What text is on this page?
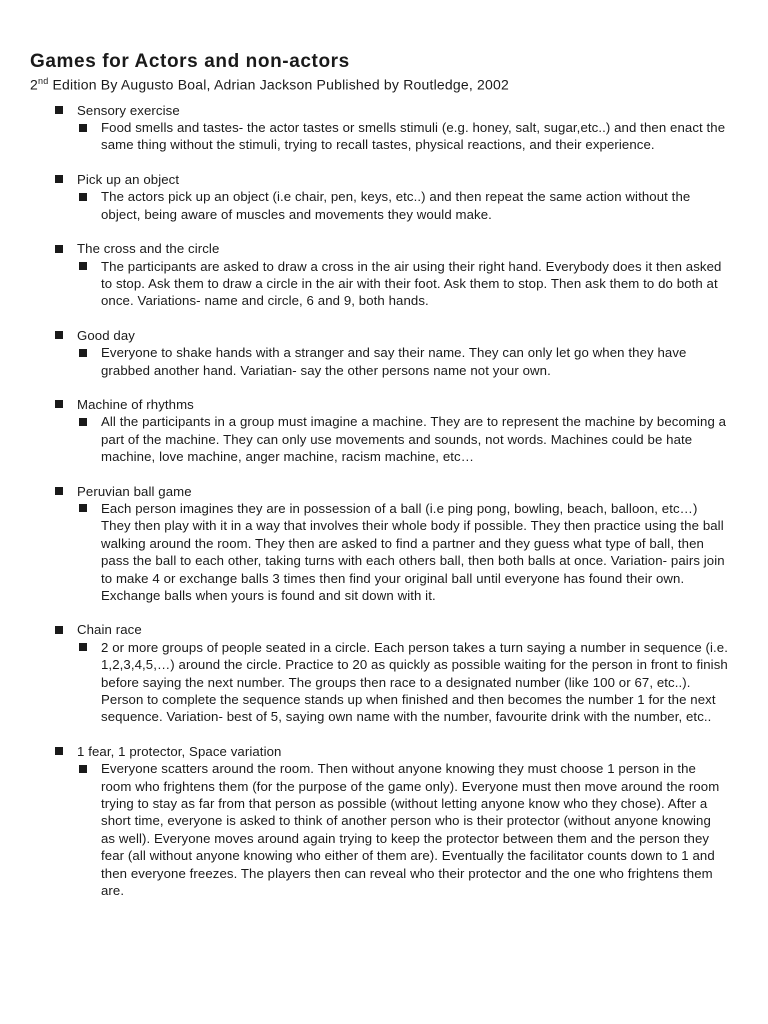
Games for Actors and non-actors

2nd Edition By Augusto Boal, Adrian Jackson Published by Routledge, 2002

Sensory exercise
Food smells and tastes- the actor tastes or smells stimuli (e.g. honey, salt, sugar,etc..) and then enact the same thing without the stimuli, trying to recall tastes, physical reactions, and their experience.
Pick up an object
The actors pick up an object (i.e chair, pen, keys, etc..) and then repeat the same action without the object, being aware of muscles and movements they would make.
The cross and the circle
The participants are asked to draw a cross in the air using their right hand. Everybody does it then asked to stop. Ask them to draw a circle in the air with their foot. Ask them to stop. Then ask them to do both at once. Variations- name and circle, 6 and 9, both hands.
Good day
Everyone to shake hands with a stranger and say their name. They can only let go when they have grabbed another hand. Variatian- say the other persons name not your own.
Machine of rhythms
All the participants in a group must imagine a machine. They are to represent the machine by becoming a part of the machine. They can only use movements and sounds, not words. Machines could be hate machine, love machine, anger machine, racism machine, etc…
Peruvian ball game
Each person imagines they are in possession of a ball (i.e ping pong, bowling, beach, balloon, etc…) They then play with it in a way that involves their whole body if possible. They then practice using the ball walking around the room. They then are asked to find a partner and they guess what type of ball, then pass the ball to each other, taking turns with each others ball, then both balls at once. Variation- pairs join to make 4 or exchange balls 3 times then find your original ball until everyone has found their own. Exchange balls when yours is found and sit down with it.
Chain race
2 or more groups of people seated in a circle. Each person takes a turn saying a number in sequence (i.e. 1,2,3,4,5,…) around the circle. Practice to 20 as quickly as possible waiting for the person in front to finish before saying the next number. The groups then race to a designated number (like 100 or 67, etc..). Person to complete the sequence stands up when finished and then becomes the number 1 for the next sequence. Variation- best of 5, saying own name with the number, favourite drink with the number, etc..
1 fear, 1 protector, Space variation
Everyone scatters around the room. Then without anyone knowing they must choose 1 person in the room who frightens them (for the purpose of the game only). Everyone must then move around the room trying to stay as far from that person as possible (without letting anyone know who they chose). After a short time, everyone is asked to think of another person who is their protector (without anyone knowing as well). Everyone moves around again trying to keep the protector between them and the person they fear (all without anyone knowing who either of them are). Eventually the facilitator counts down to 1 and then everyone freezes. The players then can reveal who their protector and the one who frightens them are.
